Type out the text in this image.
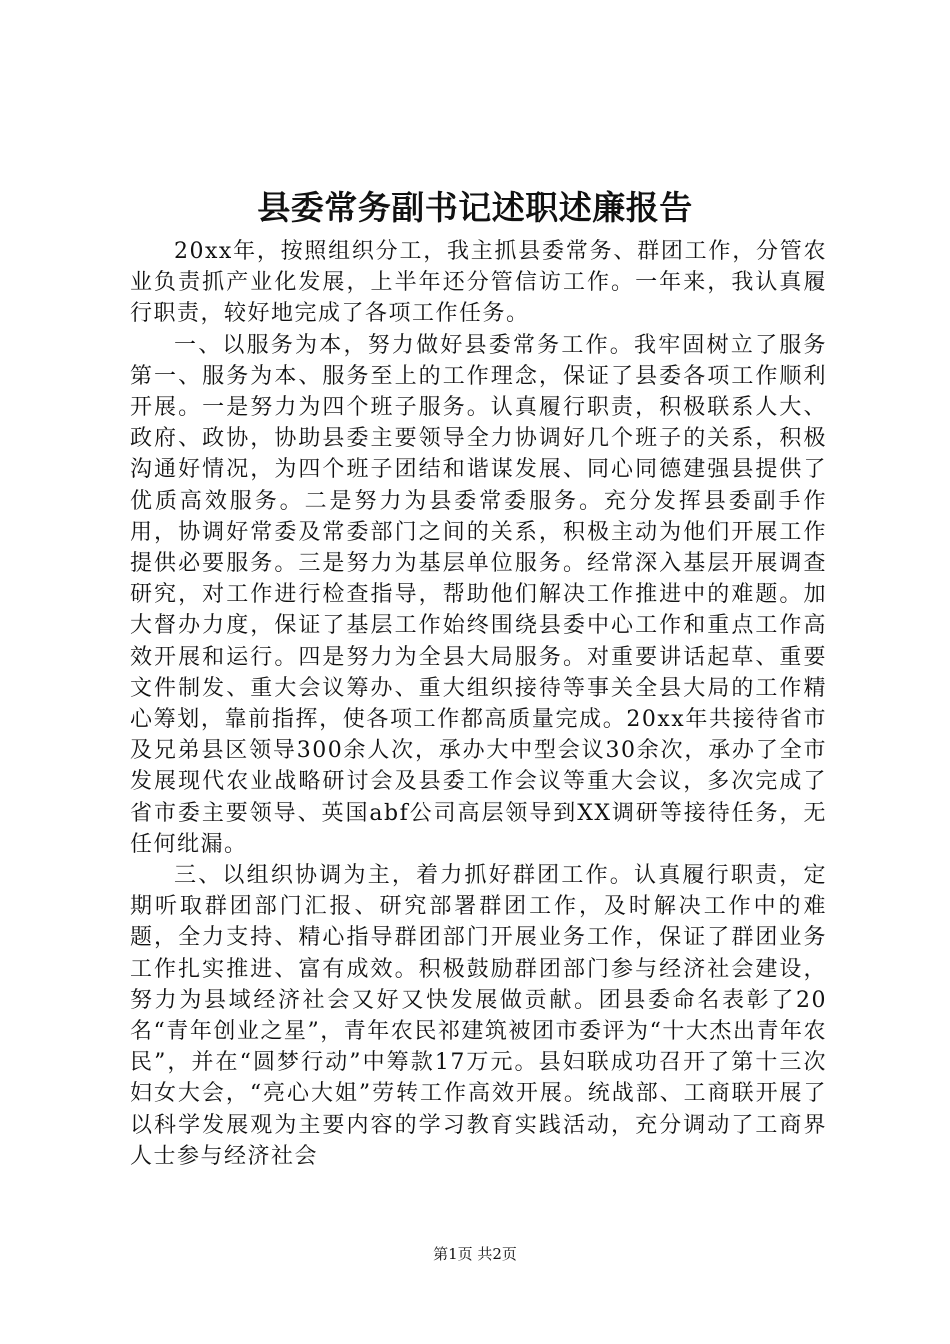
县委常务副书记述职述廉报告

20xx年，按照组织分工，我主抓县委常务、群团工作，分管农业负责抓产业化发展，上半年还分管信访工作。一年来，我认真履行职责，较好地完成了各项工作任务。

一、以服务为本，努力做好县委常务工作。我牢固树立了服务第一、服务为本、服务至上的工作理念，保证了县委各项工作顺利开展。一是努力为四个班子服务。认真履行职责，积极联系人大、政府、政协，协助县委主要领导全力协调好几个班子的关系，积极沟通好情况，为四个班子团结和谐谋发展、同心同德建强县提供了优质高效服务。二是努力为县委常委服务。充分发挥县委副手作用，协调好常委及常委部门之间的关系，积极主动为他们开展工作提供必要服务。三是努力为基层单位服务。经常深入基层开展调查研究，对工作进行检查指导，帮助他们解决工作推进中的难题。加大督办力度，保证了基层工作始终围绕县委中心工作和重点工作高效开展和运行。四是努力为全县大局服务。对重要讲话起草、重要文件制发、重大会议筹办、重大组织接待等事关全县大局的工作精心筹划，靠前指挥，使各项工作都高质量完成。20xx年共接待省市及兄弟县区领导300余人次，承办大中型会议30余次，承办了全市发展现代农业战略研讨会及县委工作会议等重大会议，多次完成了省市委主要领导、英国abf公司高层领导到XX调研等接待任务，无任何纰漏。

三、以组织协调为主，着力抓好群团工作。认真履行职责，定期听取群团部门汇报、研究部署群团工作，及时解决工作中的难题，全力支持、精心指导群团部门开展业务工作，保证了群团业务工作扎实推进、富有成效。积极鼓励群团部门参与经济社会建设，努力为县域经济社会又好又快发展做贡献。团县委命名表彰了20名“青年创业之星”，青年农民祁建筑被团市委评为“十大杰出青年农民”，并在“圆梦行动”中筹款17万元。县妇联成功召开了第十三次妇女大会，“亮心大姐”劳转工作高效开展。统战部、工商联开展了以科学发展观为主要内容的学习教育实践活动，充分调动了工商界人士参与经济社会

第1页 共2页
